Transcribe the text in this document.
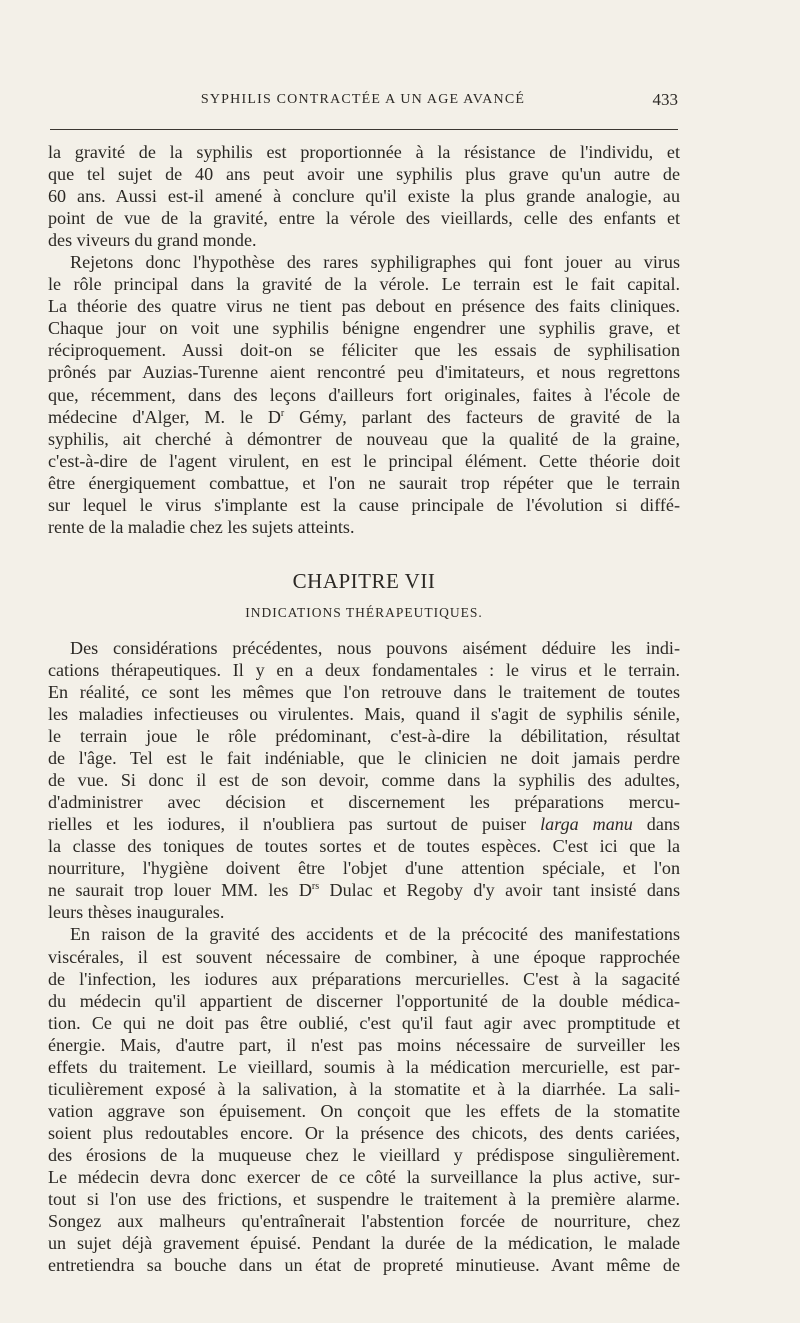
SYPHILIS CONTRACTÉE A UN AGE AVANCÉ	433

la gravité de la syphilis est proportionnée à la résistance de l'individu, et

que tel sujet de 40 ans peut avoir une syphilis plus grave qu'un autre de

60 ans. Aussi est-il amené à conclure qu'il existe la plus grande analogie, au

point de vue de la gravité, entre la vérole des vieillards, celle des enfants et

des viveurs du grand monde.

Rejetons donc l'hypothèse des rares syphiligraphes qui font jouer au virus

le rôle principal dans la gravité de la vérole. Le terrain est le fait capital.

La théorie des quatre virus ne tient pas debout en présence des faits cliniques.

Chaque jour on voit une syphilis bénigne engendrer une syphilis grave, et

réciproquement. Aussi doit-on se féliciter que les essais de syphilisation

prônés par Auzias-Turenne aient rencontré peu d'imitateurs, et nous regrettons

que, récemment, dans des leçons d'ailleurs fort originales, faites à l'école de

médecine d'Alger, M. le $D^r$ Gémy, parlant des facteurs de gravité de la

syphilis, ait cherché à démontrer de nouveau que la qualité de la graine,

c'est-à-dire de l'agent virulent, en est le principal élément. Cette théorie doit

être énergiquement combattue, et l'on ne saurait trop répéter que le terrain

sur lequel le virus s'implante est la cause principale de l'évolution si diffé-

rente de la maladie chez les sujets atteints.

CHAPITRE VII
INDICATIONS THÉRAPEUTIQUES.

Des considérations précédentes, nous pouvons aisément déduire les indi-

cations thérapeutiques. Il y en a deux fondamentales : le virus et le terrain.

En réalité, ce sont les mêmes que l'on retrouve dans le traitement de toutes

les maladies infectieuses ou virulentes. Mais, quand il s'agit de syphilis sénile,

le terrain joue le rôle prédominant, c'est-à-dire la débilitation, résultat

de l'âge. Tel est le fait indéniable, que le clinicien ne doit jamais perdre

de vue. Si donc il est de son devoir, comme dans la syphilis des adultes,

d'administrer avec décision et discernement les préparations mercu-

rielles et les iodures, il n'oubliera pas surtout de puiser larga manu dans

la classe des toniques de toutes sortes et de toutes espèces. C'est ici que la

nourriture, l'hygiène doivent être l'objet d'une attention spéciale, et l'on

ne saurait trop louer MM. les $D^{rs}$ Dulac et Regoby d'y avoir tant insisté dans

leurs thèses inaugurales.

En raison de la gravité des accidents et de la précocité des manifestations

viscérales, il est souvent nécessaire de combiner, à une époque rapprochée

de l'infection, les iodures aux préparations mercurielles. C'est à la sagacité

du médecin qu'il appartient de discerner l'opportunité de la double médica-

tion. Ce qui ne doit pas être oublié, c'est qu'il faut agir avec promptitude et

énergie. Mais, d'autre part, il n'est pas moins nécessaire de surveiller les

effets du traitement. Le vieillard, soumis à la médication mercurielle, est par-

ticulièrement exposé à la salivation, à la stomatite et à la diarrhée. La sali-

vation aggrave son épuisement. On conçoit que les effets de la stomatite

soient plus redoutables encore. Or la présence des chicots, des dents cariées,

des érosions de la muqueuse chez le vieillard y prédispose singulièrement.

Le médecin devra donc exercer de ce côté la surveillance la plus active, sur-

tout si l'on use des frictions, et suspendre le traitement à la première alarme.

Songez aux malheurs qu'entraînerait l'abstention forcée de nourriture, chez

un sujet déjà gravement épuisé. Pendant la durée de la médication, le malade

entretiendra sa bouche dans un état de propreté minutieuse. Avant même de
